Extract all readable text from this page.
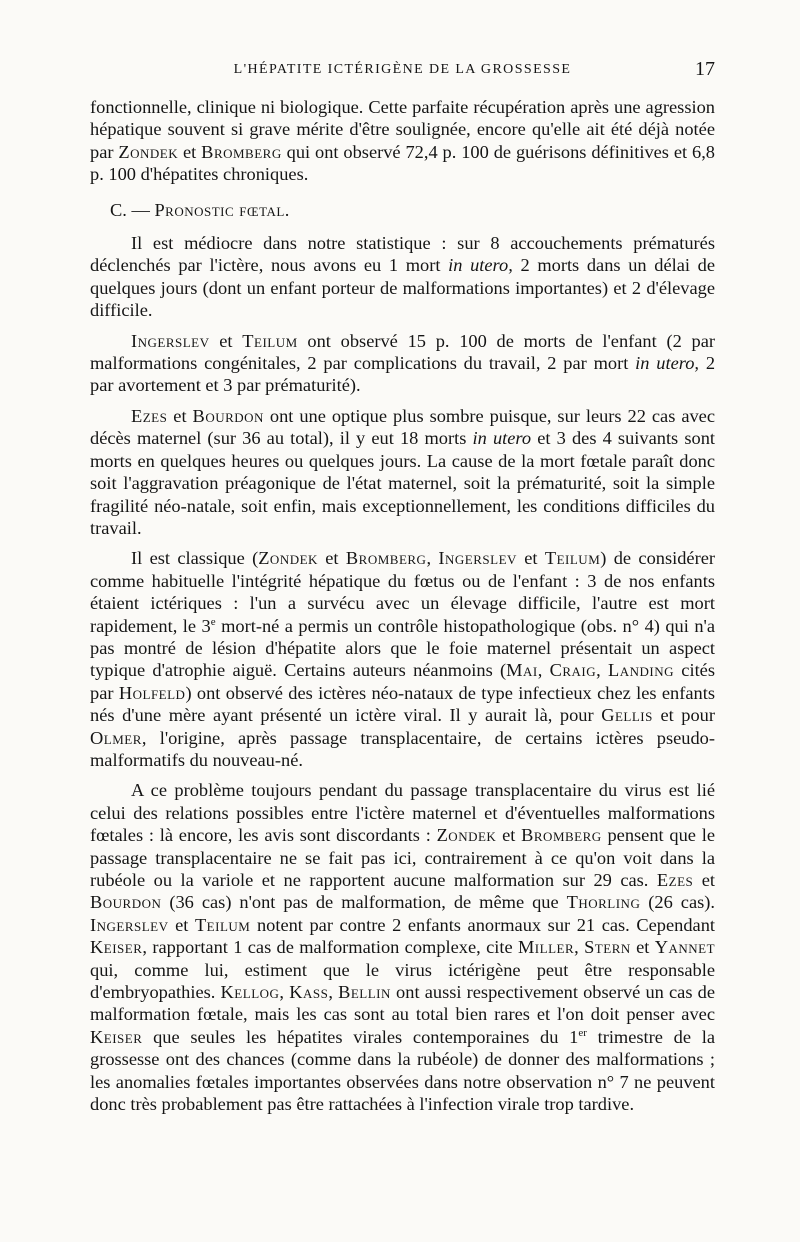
L'HÉPATITE ICTÉRIGÈNE DE LA GROSSESSE	17

fonctionnelle, clinique ni biologique. Cette parfaite récupération après une agression hépatique souvent si grave mérite d'être soulignée, encore qu'elle ait été déjà notée par Zondek et Bromberg qui ont observé 72,4 p. 100 de guérisons définitives et 6,8 p. 100 d'hépatites chroniques.

C. — Pronostic fœtal.

Il est médiocre dans notre statistique : sur 8 accouchements prématurés déclenchés par l'ictère, nous avons eu 1 mort in utero, 2 morts dans un délai de quelques jours (dont un enfant porteur de malformations importantes) et 2 d'élevage difficile.

Ingerslev et Teilum ont observé 15 p. 100 de morts de l'enfant (2 par malformations congénitales, 2 par complications du travail, 2 par mort in utero, 2 par avortement et 3 par prématurité).

Ezes et Bourdon ont une optique plus sombre puisque, sur leurs 22 cas avec décès maternel (sur 36 au total), il y eut 18 morts in utero et 3 des 4 suivants sont morts en quelques heures ou quelques jours. La cause de la mort fœtale paraît donc soit l'aggravation préagonique de l'état maternel, soit la prématurité, soit la simple fragilité néo-natale, soit enfin, mais exceptionnellement, les conditions difficiles du travail.

Il est classique (Zondek et Bromberg, Ingerslev et Teilum) de considérer comme habituelle l'intégrité hépatique du fœtus ou de l'enfant : 3 de nos enfants étaient ictériques : l'un a survécu avec un élevage difficile, l'autre est mort rapidement, le 3e mort-né a permis un contrôle histopathologique (obs. n° 4) qui n'a pas montré de lésion d'hépatite alors que le foie maternel présentait un aspect typique d'atrophie aiguë. Certains auteurs néanmoins (Mai, Craig, Landing cités par Holfeld) ont observé des ictères néo-nataux de type infectieux chez les enfants nés d'une mère ayant présenté un ictère viral. Il y aurait là, pour Gellis et pour Olmer, l'origine, après passage transplacentaire, de certains ictères pseudo-malformatifs du nouveau-né.

A ce problème toujours pendant du passage transplacentaire du virus est lié celui des relations possibles entre l'ictère maternel et d'éventuelles malformations fœtales : là encore, les avis sont discordants : Zondek et Bromberg pensent que le passage transplacentaire ne se fait pas ici, contrairement à ce qu'on voit dans la rubéole ou la variole et ne rapportent aucune malformation sur 29 cas. Ezes et Bourdon (36 cas) n'ont pas de malformation, de même que Thorling (26 cas). Ingerslev et Teilum notent par contre 2 enfants anormaux sur 21 cas. Cependant Keiser, rapportant 1 cas de malformation complexe, cite Miller, Stern et Yannet qui, comme lui, estiment que le virus ictérigène peut être responsable d'embryopathies. Kellog, Kass, Bellin ont aussi respectivement observé un cas de malformation fœtale, mais les cas sont au total bien rares et l'on doit penser avec Keiser que seules les hépatites virales contemporaines du 1er trimestre de la grossesse ont des chances (comme dans la rubéole) de donner des malformations ; les anomalies fœtales importantes observées dans notre observation n° 7 ne peuvent donc très probablement pas être rattachées à l'infection virale trop tardive.
